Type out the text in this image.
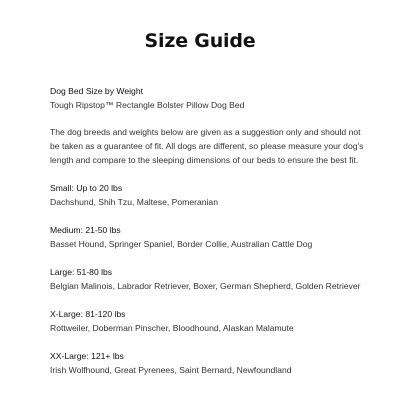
Size Guide
Dog Bed Size by Weight
Tough Ripstop™ Rectangle Bolster Pillow Dog Bed
The dog breeds and weights below are given as a suggestion only and should not be taken as a guarantee of fit. All dogs are different, so please measure your dog's length and compare to the sleeping dimensions of our beds to ensure the best fit.
Small: Up to 20 lbs
Dachshund, Shih Tzu, Maltese, Pomeranian
Medium: 21-50 lbs
Basset Hound, Springer Spaniel, Border Collie, Australian Cattle Dog
Large: 51-80 lbs
Belgian Malinois, Labrador Retriever, Boxer, German Shepherd, Golden Retriever
X-Large: 81-120 lbs
Rottweiler, Doberman Pinscher, Bloodhound, Alaskan Malamute
XX-Large: 121+ lbs
Irish Wolfhound, Great Pyrenees, Saint Bernard, Newfoundland
